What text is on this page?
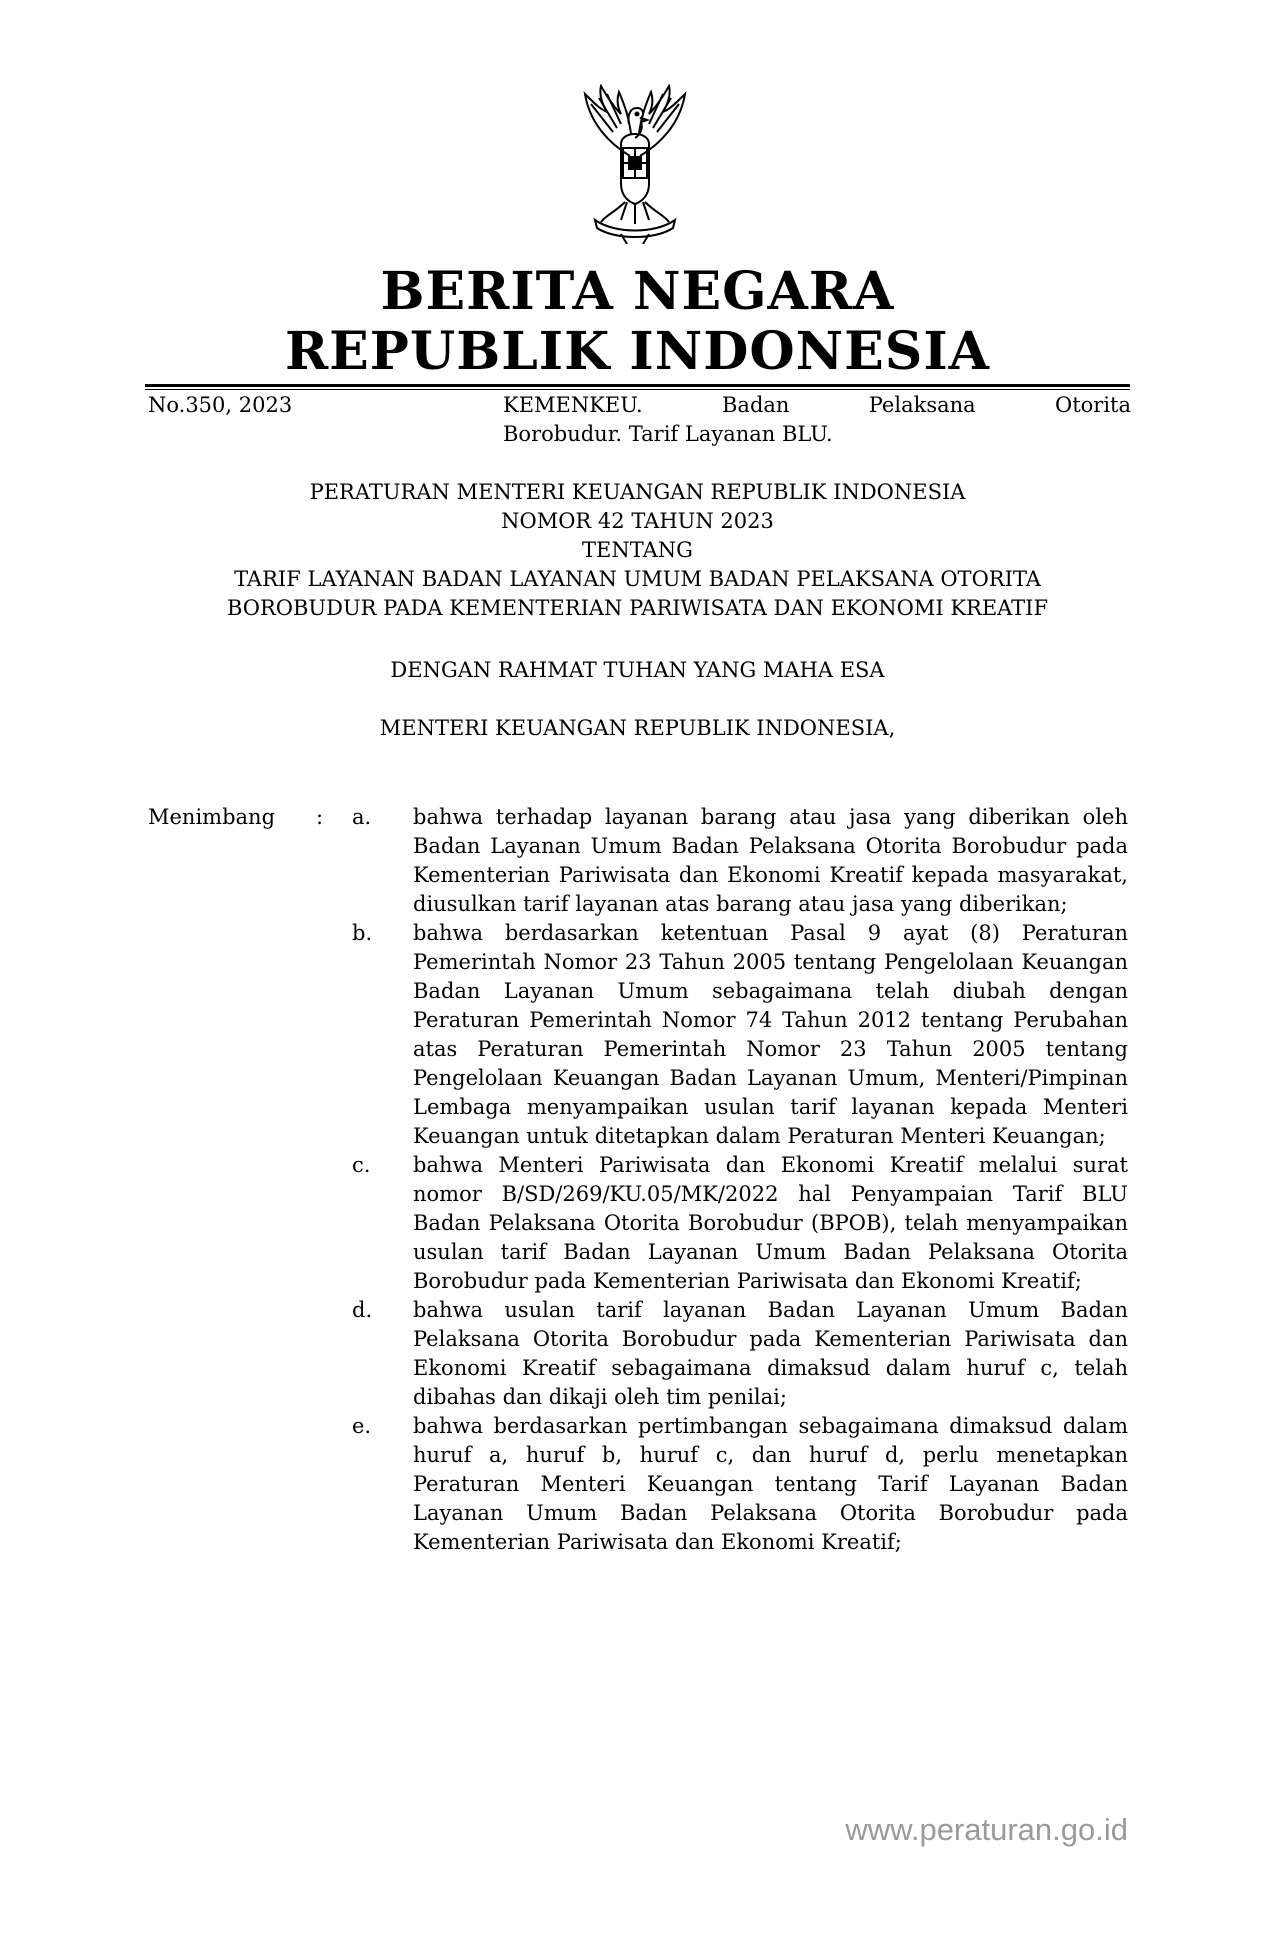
BERITA NEGARA
REPUBLIK INDONESIA
No.350, 2023	KEMENKEU. Badan Pelaksana Otorita
Borobudur. Tarif Layanan BLU.
PERATURAN MENTERI KEUANGAN REPUBLIK INDONESIA
NOMOR 42 TAHUN 2023
TENTANG
TARIF LAYANAN BADAN LAYANAN UMUM BADAN PELAKSANA OTORITA
BOROBUDUR PADA KEMENTERIAN PARIWISATA DAN EKONOMI KREATIF
DENGAN RAHMAT TUHAN YANG MAHA ESA
MENTERI KEUANGAN REPUBLIK INDONESIA,
Menimbang : a.	bahwa terhadap layanan barang atau jasa yang diberikan oleh Badan Layanan Umum Badan Pelaksana Otorita Borobudur pada Kementerian Pariwisata dan Ekonomi Kreatif kepada masyarakat, diusulkan tarif layanan atas barang atau jasa yang diberikan;
b.	bahwa berdasarkan ketentuan Pasal 9 ayat (8) Peraturan Pemerintah Nomor 23 Tahun 2005 tentang Pengelolaan Keuangan Badan Layanan Umum sebagaimana telah diubah dengan Peraturan Pemerintah Nomor 74 Tahun 2012 tentang Perubahan atas Peraturan Pemerintah Nomor 23 Tahun 2005 tentang Pengelolaan Keuangan Badan Layanan Umum, Menteri/Pimpinan Lembaga menyampaikan usulan tarif layanan kepada Menteri Keuangan untuk ditetapkan dalam Peraturan Menteri Keuangan;
c.	bahwa Menteri Pariwisata dan Ekonomi Kreatif melalui surat nomor B/SD/269/KU.05/MK/2022 hal Penyampaian Tarif BLU Badan Pelaksana Otorita Borobudur (BPOB), telah menyampaikan usulan tarif Badan Layanan Umum Badan Pelaksana Otorita Borobudur pada Kementerian Pariwisata dan Ekonomi Kreatif;
d.	bahwa usulan tarif layanan Badan Layanan Umum Badan Pelaksana Otorita Borobudur pada Kementerian Pariwisata dan Ekonomi Kreatif sebagaimana dimaksud dalam huruf c, telah dibahas dan dikaji oleh tim penilai;
e.	bahwa berdasarkan pertimbangan sebagaimana dimaksud dalam huruf a, huruf b, huruf c, dan huruf d, perlu menetapkan Peraturan Menteri Keuangan tentang Tarif Layanan Badan Layanan Umum Badan Pelaksana Otorita Borobudur pada Kementerian Pariwisata dan Ekonomi Kreatif;
www.peraturan.go.id
